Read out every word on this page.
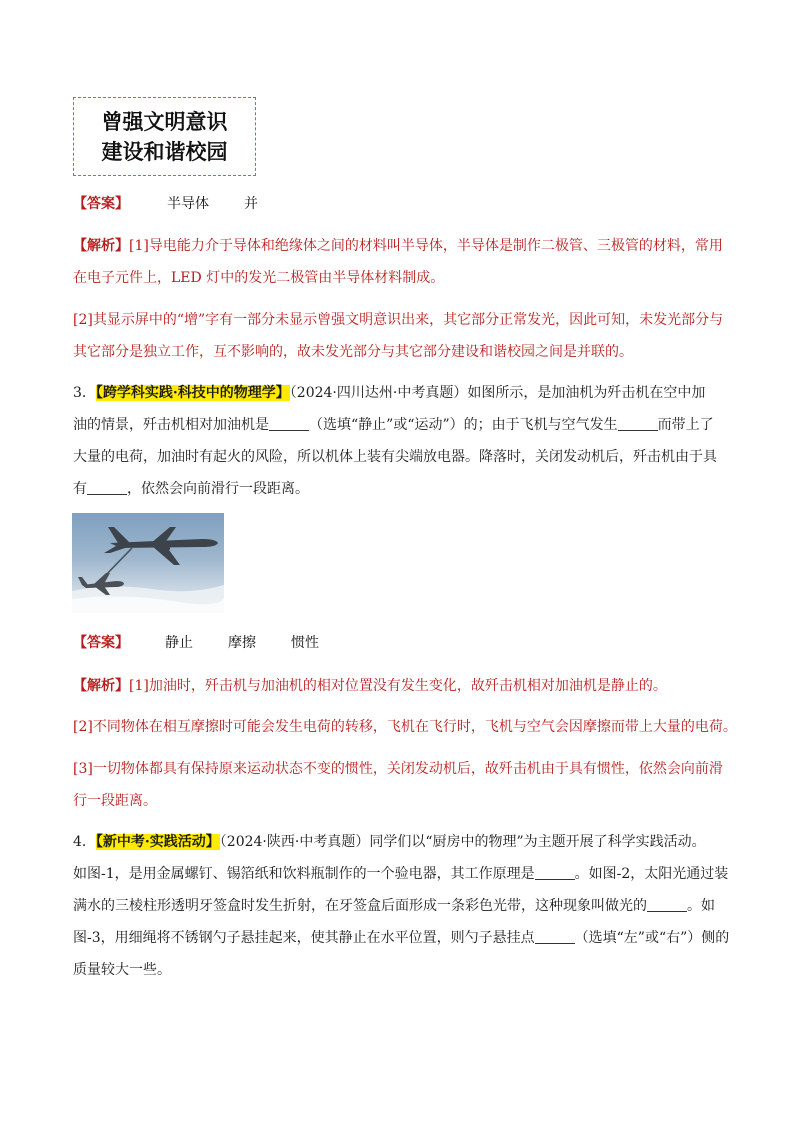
曾强文明意识
建设和谐校园
【答案】	半导体	并
【解析】[1]导电能力介于导体和绝缘体之间的材料叫半导体，半导体是制作二极管、三极管的材料，常用
在电子元件上，LED 灯中的发光二极管由半导体材料制成。
[2]其显示屏中的“增”字有一部分未显示曾强文明意识出来，其它部分正常发光，因此可知，未发光部分与
其它部分是独立工作，互不影响的，故未发光部分与其它部分建设和谐校园之间是并联的。
3．【跨学科实践·科技中的物理学】（2024·四川达州·中考真题）如图所示，是加油机为歼击机在空中加
油的情景，歼击机相对加油机是	（选填“静止”或“运动”）的；由于飞机与空气发生	而带上了
大量的电荷，加油时有起火的风险，所以机体上装有尖端放电器。降落时，关闭发动机后，歼击机由于具
有	，依然会向前滑行一段距离。
【答案】	静止	摩擦	惯性
【解析】[1]加油时，歼击机与加油机的相对位置没有发生变化，故歼击机相对加油机是静止的。
[2]不同物体在相互摩擦时可能会发生电荷的转移，飞机在飞行时，飞机与空气会因摩擦而带上大量的电荷。
[3]一切物体都具有保持原来运动状态不变的惯性，关闭发动机后，故歼击机由于具有惯性，依然会向前滑
行一段距离。
4．【新中考·实践活动】（2024·陕西·中考真题）同学们以“厨房中的物理”为主题开展了科学实践活动。
如图-1，是用金属螺钉、锡箔纸和饮料瓶制作的一个验电器，其工作原理是	。如图-2，太阳光通过装
满水的三棱柱形透明牙签盒时发生折射，在牙签盒后面形成一条彩色光带，这种现象叫做光的	。如
图-3，用细绳将不锈钢勺子悬挂起来，使其静止在水平位置，则勺子悬挂点	（选填“左”或“右”）侧的
质量较大一些。
